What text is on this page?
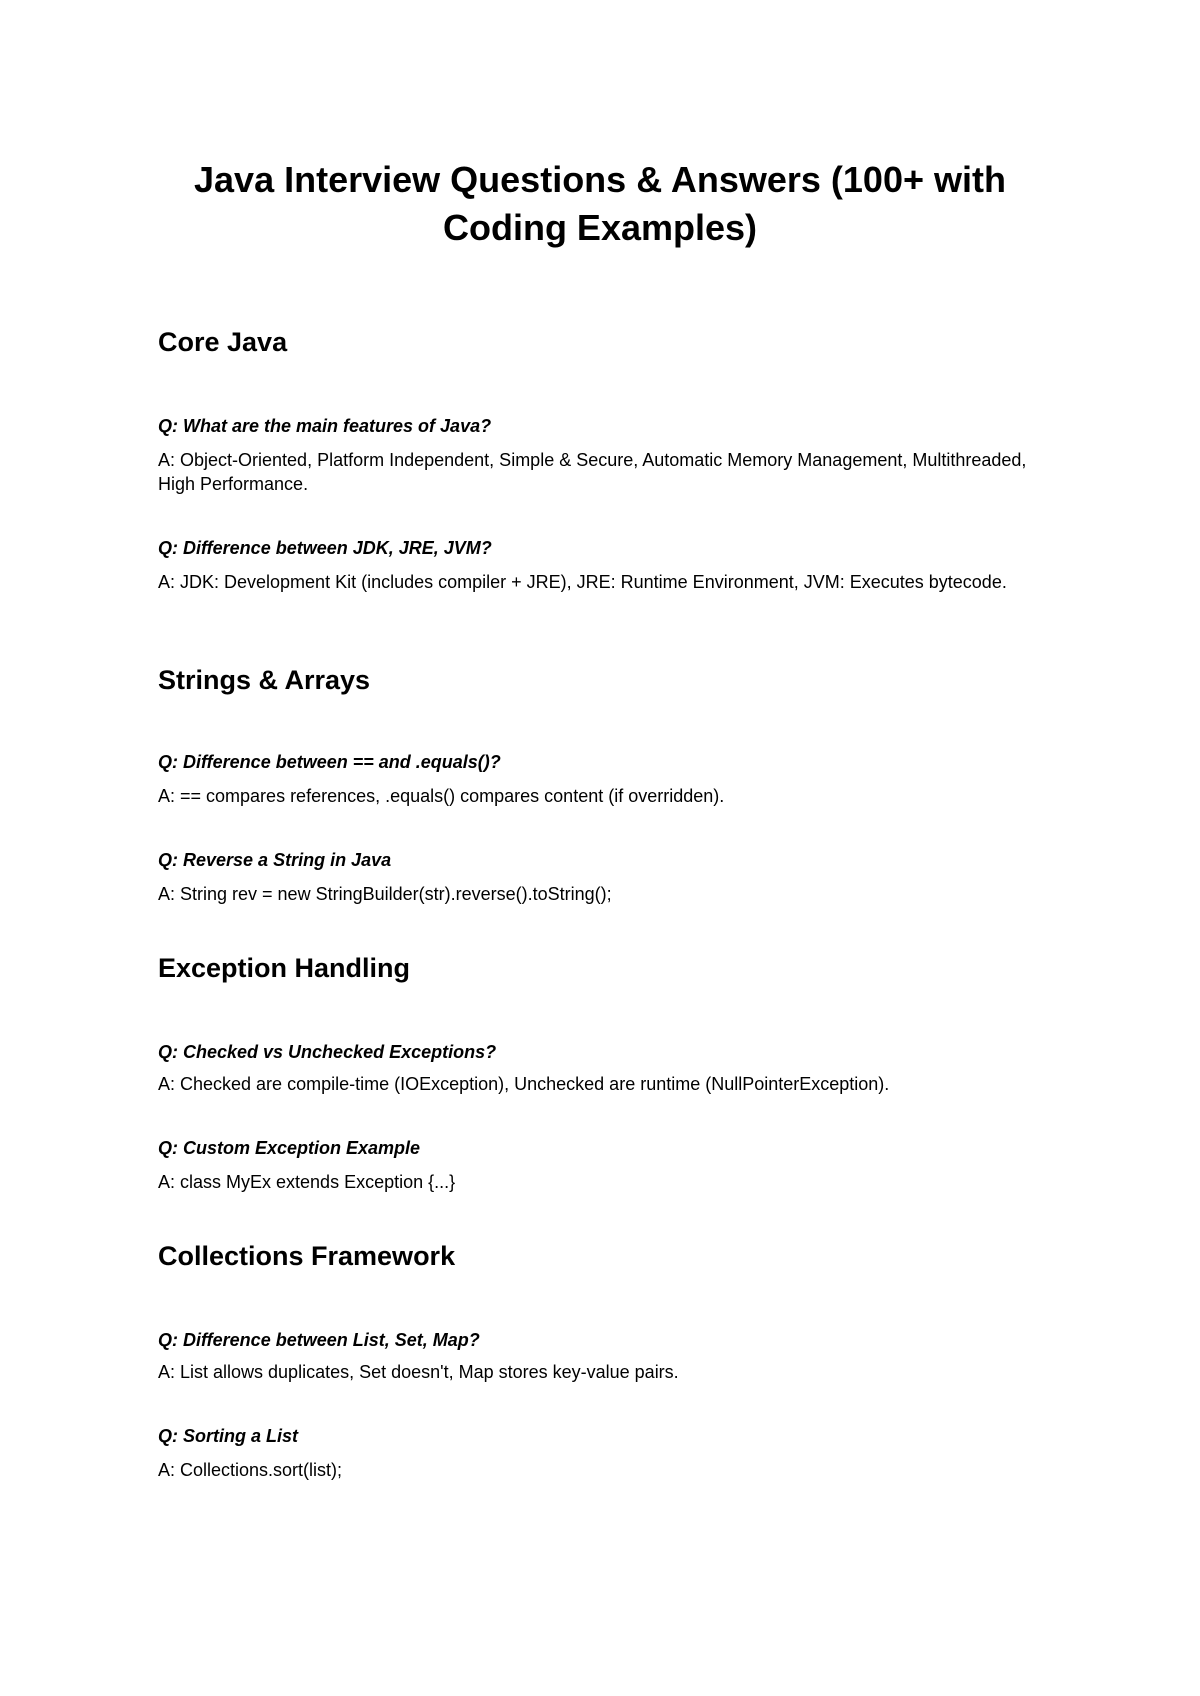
Java Interview Questions & Answers (100+ with Coding Examples)
Core Java

Q: What are the main features of Java?

A: Object-Oriented, Platform Independent, Simple & Secure, Automatic Memory Management, Multithreaded, High Performance.

Q: Difference between JDK, JRE, JVM?

A: JDK: Development Kit (includes compiler + JRE), JRE: Runtime Environment, JVM: Executes bytecode.

Strings & Arrays

Q: Difference between == and .equals()?

A: == compares references, .equals() compares content (if overridden).

Q: Reverse a String in Java

A: String rev = new StringBuilder(str).reverse().toString();

Exception Handling

Q: Checked vs Unchecked Exceptions?

A: Checked are compile-time (IOException), Unchecked are runtime (NullPointerException).

Q: Custom Exception Example

A: class MyEx extends Exception {...}

Collections Framework

Q: Difference between List, Set, Map?

A: List allows duplicates, Set doesn't, Map stores key-value pairs.

Q: Sorting a List

A: Collections.sort(list);
